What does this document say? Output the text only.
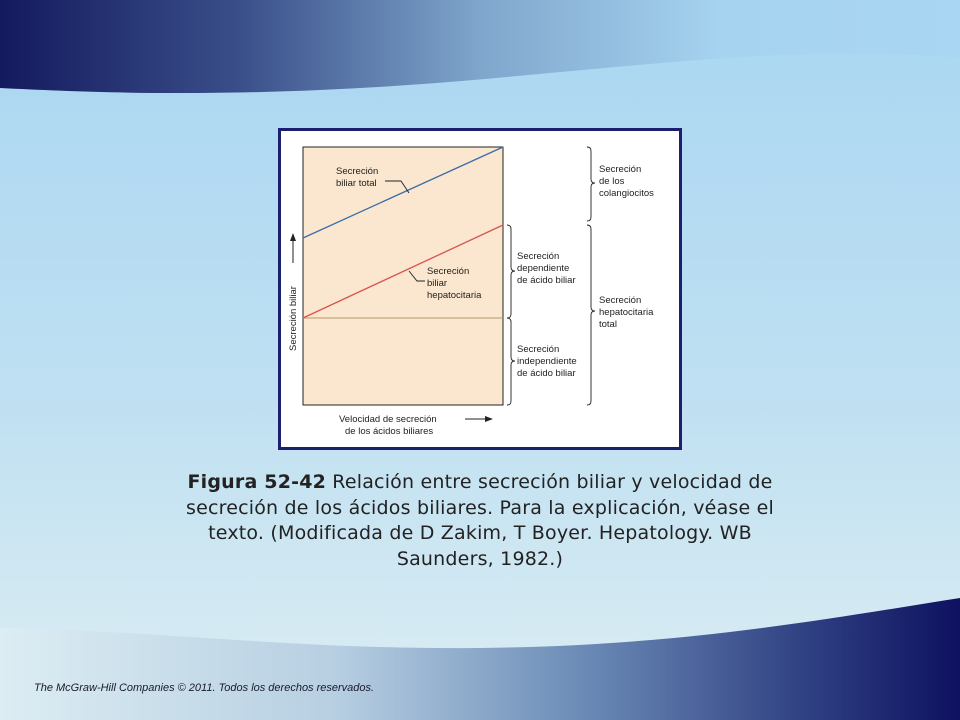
Secreción
biliar total
Secreción
biliar
hepatocitaria
Secreción
dependiente
de ácido biliar
Secreción
independiente
de ácido biliar
Secreción
de los
colangiocitos
Secreción
hepatocitaria
total
Secreción biliar
Velocidad de secreción
de los ácidos biliares
Figura 52-42 Relación entre secreción biliar y velocidad de secreción de los ácidos biliares. Para la explicación, véase el texto. (Modificada de D Zakim, T Boyer. Hepatology. WB Saunders, 1982.)
The McGraw-Hill Companies © 2011. Todos los derechos reservados.
